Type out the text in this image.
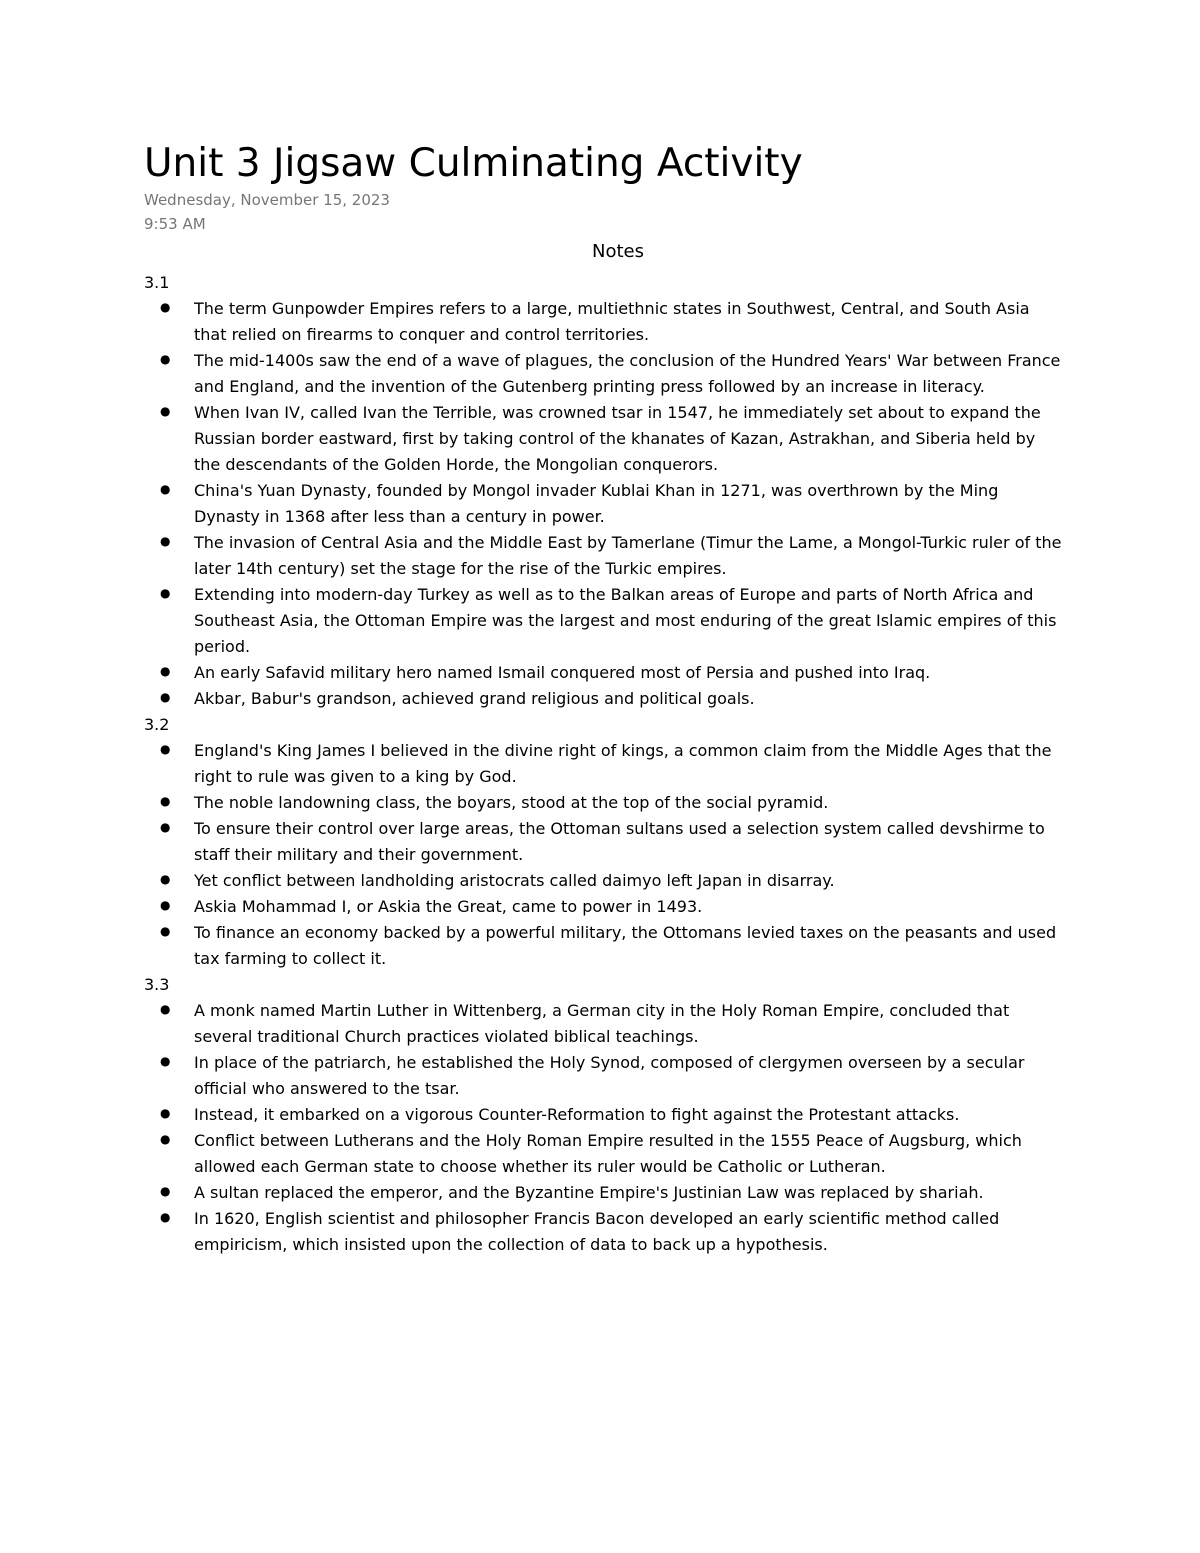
Unit 3 Jigsaw Culminating Activity
Wednesday, November 15, 2023
9:53 AM
Notes
3.1
● The term Gunpowder Empires refers to a large, multiethnic states in Southwest, Central, and South Asia that relied on firearms to conquer and control territories.
● The mid-1400s saw the end of a wave of plagues, the conclusion of the Hundred Years' War between France and England, and the invention of the Gutenberg printing press followed by an increase in literacy.
● When Ivan IV, called Ivan the Terrible, was crowned tsar in 1547, he immediately set about to expand the Russian border eastward, first by taking control of the khanates of Kazan, Astrakhan, and Siberia held by the descendants of the Golden Horde, the Mongolian conquerors.
● China's Yuan Dynasty, founded by Mongol invader Kublai Khan in 1271, was overthrown by the Ming Dynasty in 1368 after less than a century in power.
● The invasion of Central Asia and the Middle East by Tamerlane (Timur the Lame, a Mongol-Turkic ruler of the later 14th century) set the stage for the rise of the Turkic empires.
● Extending into modern-day Turkey as well as to the Balkan areas of Europe and parts of North Africa and Southeast Asia, the Ottoman Empire was the largest and most enduring of the great Islamic empires of this period.
● An early Safavid military hero named Ismail conquered most of Persia and pushed into Iraq.
● Akbar, Babur's grandson, achieved grand religious and political goals.
3.2
● England's King James I believed in the divine right of kings, a common claim from the Middle Ages that the right to rule was given to a king by God.
● The noble landowning class, the boyars, stood at the top of the social pyramid.
● To ensure their control over large areas, the Ottoman sultans used a selection system called devshirme to staff their military and their government.
● Yet conflict between landholding aristocrats called daimyo left Japan in disarray.
● Askia Mohammad I, or Askia the Great, came to power in 1493.
● To finance an economy backed by a powerful military, the Ottomans levied taxes on the peasants and used tax farming to collect it.
3.3
● A monk named Martin Luther in Wittenberg, a German city in the Holy Roman Empire, concluded that several traditional Church practices violated biblical teachings.
● In place of the patriarch, he established the Holy Synod, composed of clergymen overseen by a secular official who answered to the tsar.
● Instead, it embarked on a vigorous Counter-Reformation to fight against the Protestant attacks.
● Conflict between Lutherans and the Holy Roman Empire resulted in the 1555 Peace of Augsburg, which allowed each German state to choose whether its ruler would be Catholic or Lutheran.
● A sultan replaced the emperor, and the Byzantine Empire's Justinian Law was replaced by shariah.
● In 1620, English scientist and philosopher Francis Bacon developed an early scientific method called empiricism, which insisted upon the collection of data to back up a hypothesis.
